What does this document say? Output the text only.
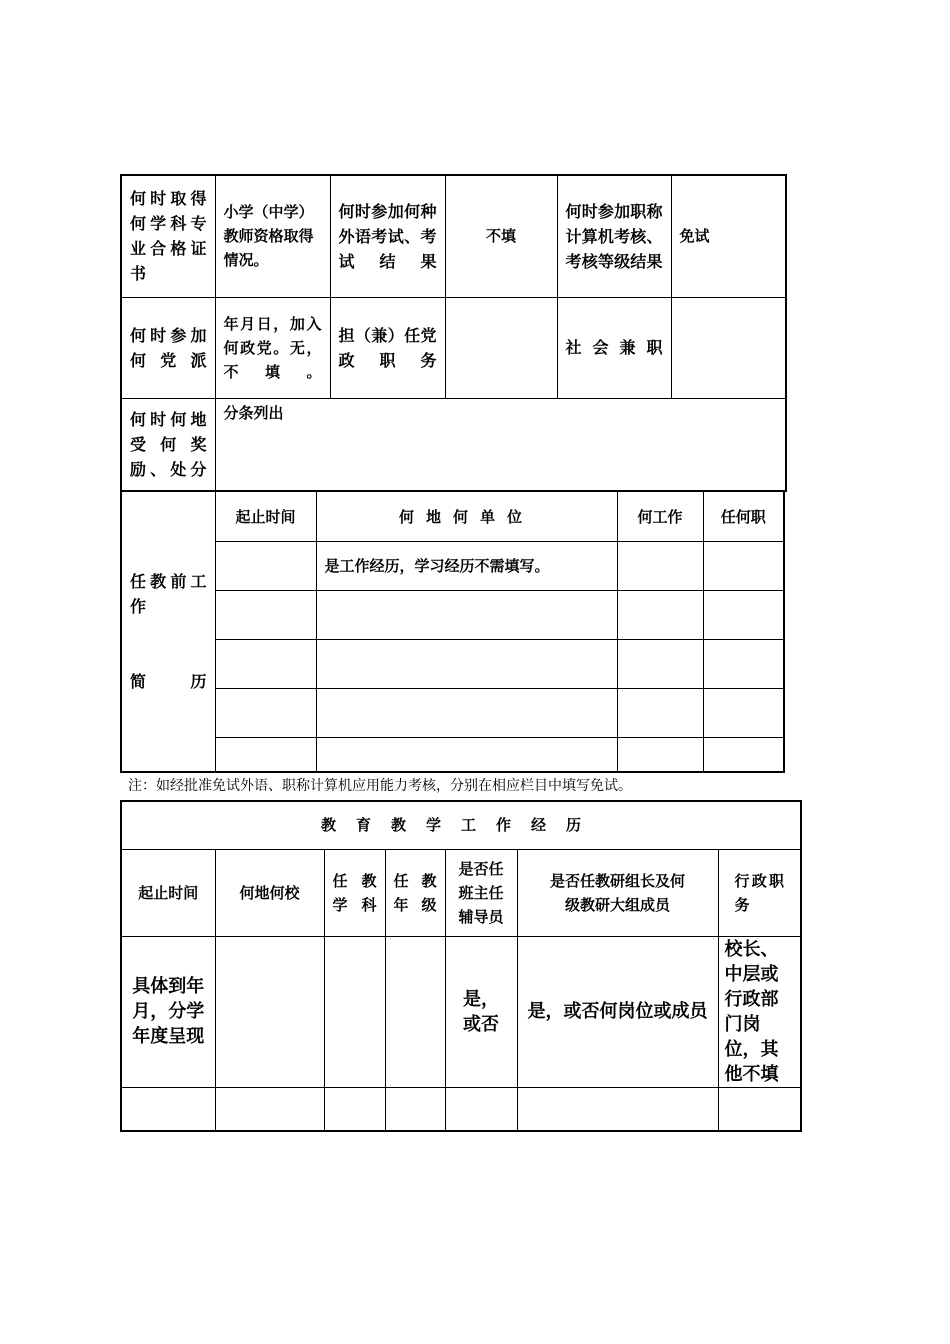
何时取得何学科专业合格证书	小学（中学）教师资格取得情况。	何时参加何种外语考试、考试结果	不填	何时参加职称计算机考核、考核等级结果	免试

何时参加何党派	年月日，加入何政党。无，不填。	担（兼）任党政职务		社会兼职	

何时何地受何奖励、处分	分条列出				
任教前工作
简历	起止时间	何地何单位	何工作	任何职
		是工作经历，学习经历不需填写。		

注：如经批准免试外语、职称计算机应用能力考核，分别在相应栏目中填写免试。
教育教学工作经历						
起止时间	何地何校	任教学科	任教年级	是否任班主任辅导员	是否任教研组长及何级教研大组成员	行政职务

具体到年月，分学年度呈现				是，或否	是，或否何岗位或成员	校长、中层或行政部门岗位，其他不填
